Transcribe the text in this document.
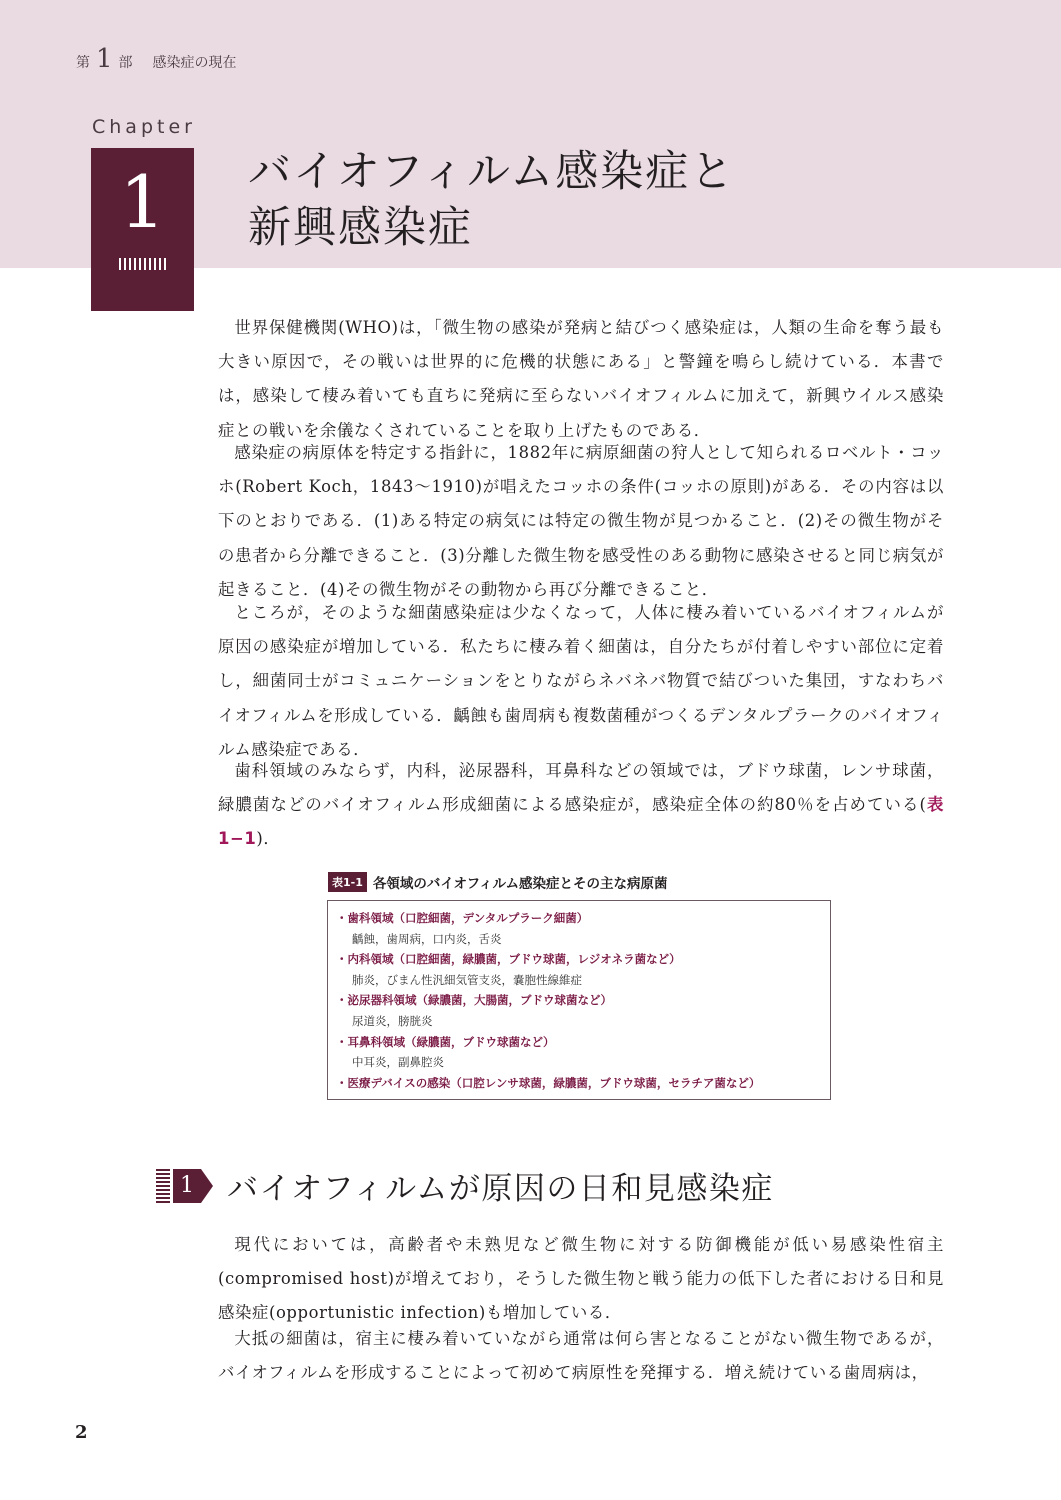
第 1 部 感染症の現在
Chapter
1	バイオフィルム感染症と
新興感染症

世界保健機関(WHO)は，「微生物の感染が発病と結びつく感染症は，人類の生命を奪う最も大きい原因で，その戦いは世界的に危機的状態にある」と警鐘を鳴らし続けている．本書では，感染して棲み着いても直ちに発病に至らないバイオフィルムに加えて，新興ウイルス感染症との戦いを余儀なくされていることを取り上げたものである．

感染症の病原体を特定する指針に，1882年に病原細菌の狩人として知られるロベルト・コッホ(Robert Koch，1843〜1910)が唱えたコッホの条件(コッホの原則)がある．その内容は以下のとおりである．(1)ある特定の病気には特定の微生物が見つかること．(2)その微生物がその患者から分離できること．(3)分離した微生物を感受性のある動物に感染させると同じ病気が起きること．(4)その微生物がその動物から再び分離できること．

ところが，そのような細菌感染症は少なくなって，人体に棲み着いているバイオフィルムが原因の感染症が増加している．私たちに棲み着く細菌は，自分たちが付着しやすい部位に定着し，細菌同士がコミュニケーションをとりながらネバネバ物質で結びついた集団，すなわちバイオフィルムを形成している．齲蝕も歯周病も複数菌種がつくるデンタルプラークのバイオフィルム感染症である．

歯科領域のみならず，内科，泌尿器科，耳鼻科などの領域では，ブドウ球菌，レンサ球菌，緑膿菌などのバイオフィルム形成細菌による感染症が，感染症全体の約80％を占めている(表1−1)．

表1-1 各領域のバイオフィルム感染症とその主な病原菌
・歯科領域（口腔細菌，デンタルプラーク細菌）
齲蝕，歯周病，口内炎，舌炎
・内科領域（口腔細菌，緑膿菌，ブドウ球菌，レジオネラ菌など）
肺炎，びまん性汎細気管支炎，嚢胞性線維症
・泌尿器科領域（緑膿菌，大腸菌，ブドウ球菌など）
尿道炎，膀胱炎
・耳鼻科領域（緑膿菌，ブドウ球菌など）
中耳炎，副鼻腔炎
・医療デバイスの感染（口腔レンサ球菌，緑膿菌，ブドウ球菌，セラチア菌など）
1 バイオフィルムが原因の日和見感染症

現代においては，高齢者や未熟児など微生物に対する防御機能が低い易感染性宿主(compromised host)が増えており，そうした微生物と戦う能力の低下した者における日和見感染症(opportunistic infection)も増加している．

大抵の細菌は，宿主に棲み着いていながら通常は何ら害となることがない微生物であるが，バイオフィルムを形成することによって初めて病原性を発揮する．増え続けている歯周病は，

2
